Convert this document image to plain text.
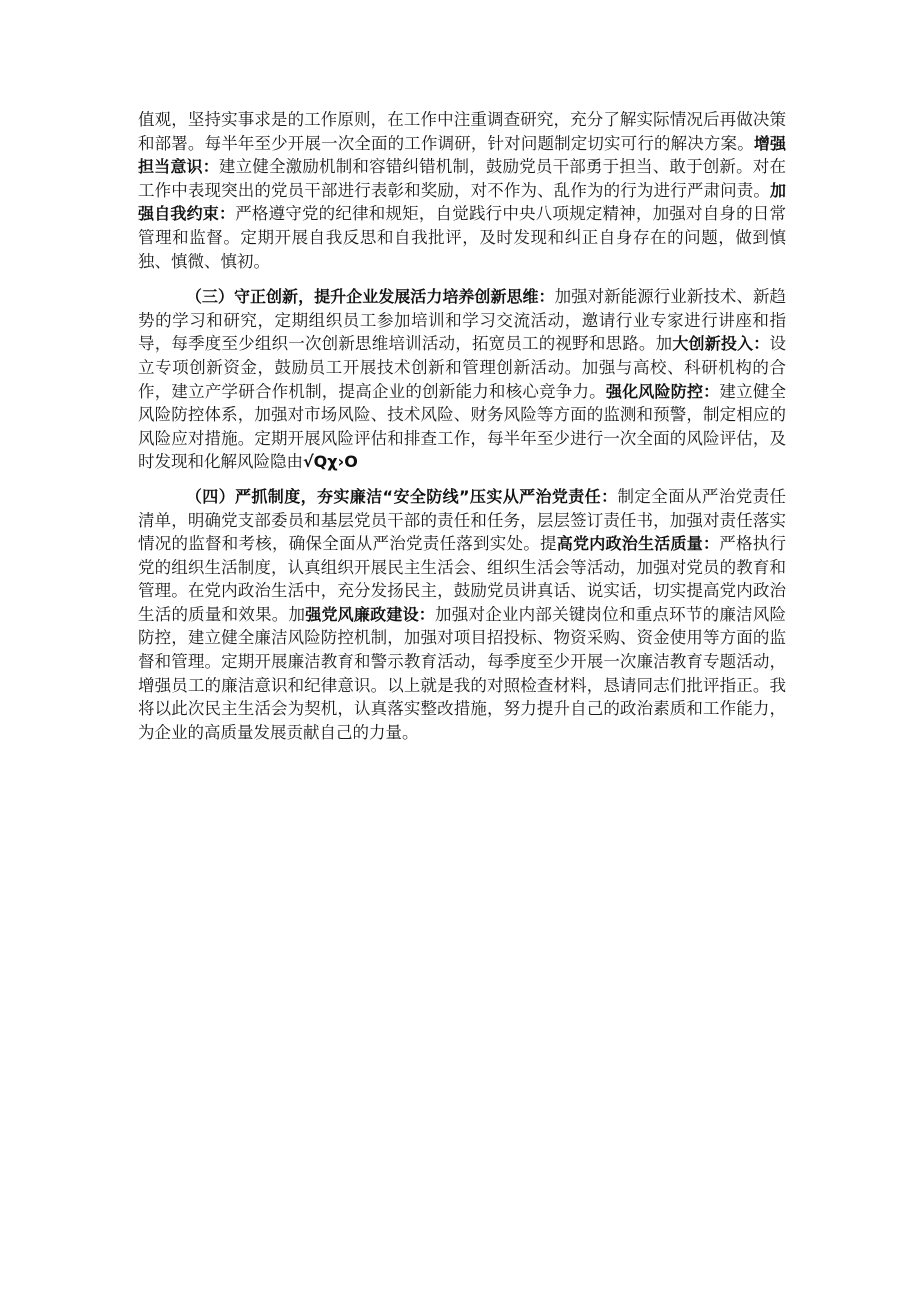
值观，坚持实事求是的工作原则，在工作中注重调查研究，充分了解实际情况后再做决策和部署。每半年至少开展一次全面的工作调研，针对问题制定切实可行的解决方案。增强担当意识：建立健全激励机制和容错纠错机制，鼓励党员干部勇于担当、敢于创新。对在工作中表现突出的党员干部进行表彰和奖励，对不作为、乱作为的行为进行严肃问责。加强自我约束：严格遵守党的纪律和规矩，自觉践行中央八项规定精神，加强对自身的日常管理和监督。定期开展自我反思和自我批评，及时发现和纠正自身存在的问题，做到慎独、慎微、慎初。

（三）守正创新，提升企业发展活力培养创新思维：加强对新能源行业新技术、新趋势的学习和研究，定期组织员工参加培训和学习交流活动，邀请行业专家进行讲座和指导，每季度至少组织一次创新思维培训活动，拓宽员工的视野和思路。加大创新投入：设立专项创新资金，鼓励员工开展技术创新和管理创新活动。加强与高校、科研机构的合作，建立产学研合作机制，提高企业的创新能力和核心竞争力。强化风险防控：建立健全风险防控体系，加强对市场风险、技术风险、财务风险等方面的监测和预警，制定相应的风险应对措施。定期开展风险评估和排查工作，每半年至少进行一次全面的风险评估，及时发现和化解风险隐由√Qχ›O

（四）严抓制度，夯实廉洁“安全防线”压实从严治党责任：制定全面从严治党责任清单，明确党支部委员和基层党员干部的责任和任务，层层签订责任书，加强对责任落实情况的监督和考核，确保全面从严治党责任落到实处。提高党内政治生活质量：严格执行党的组织生活制度，认真组织开展民主生活会、组织生活会等活动，加强对党员的教育和管理。在党内政治生活中，充分发扬民主，鼓励党员讲真话、说实话，切实提高党内政治生活的质量和效果。加强党风廉政建设：加强对企业内部关键岗位和重点环节的廉洁风险防控，建立健全廉洁风险防控机制，加强对项目招投标、物资采购、资金使用等方面的监督和管理。定期开展廉洁教育和警示教育活动，每季度至少开展一次廉洁教育专题活动，增强员工的廉洁意识和纪律意识。以上就是我的对照检查材料，恳请同志们批评指正。我将以此次民主生活会为契机，认真落实整改措施，努力提升自己的政治素质和工作能力，为企业的高质量发展贡献自己的力量。
